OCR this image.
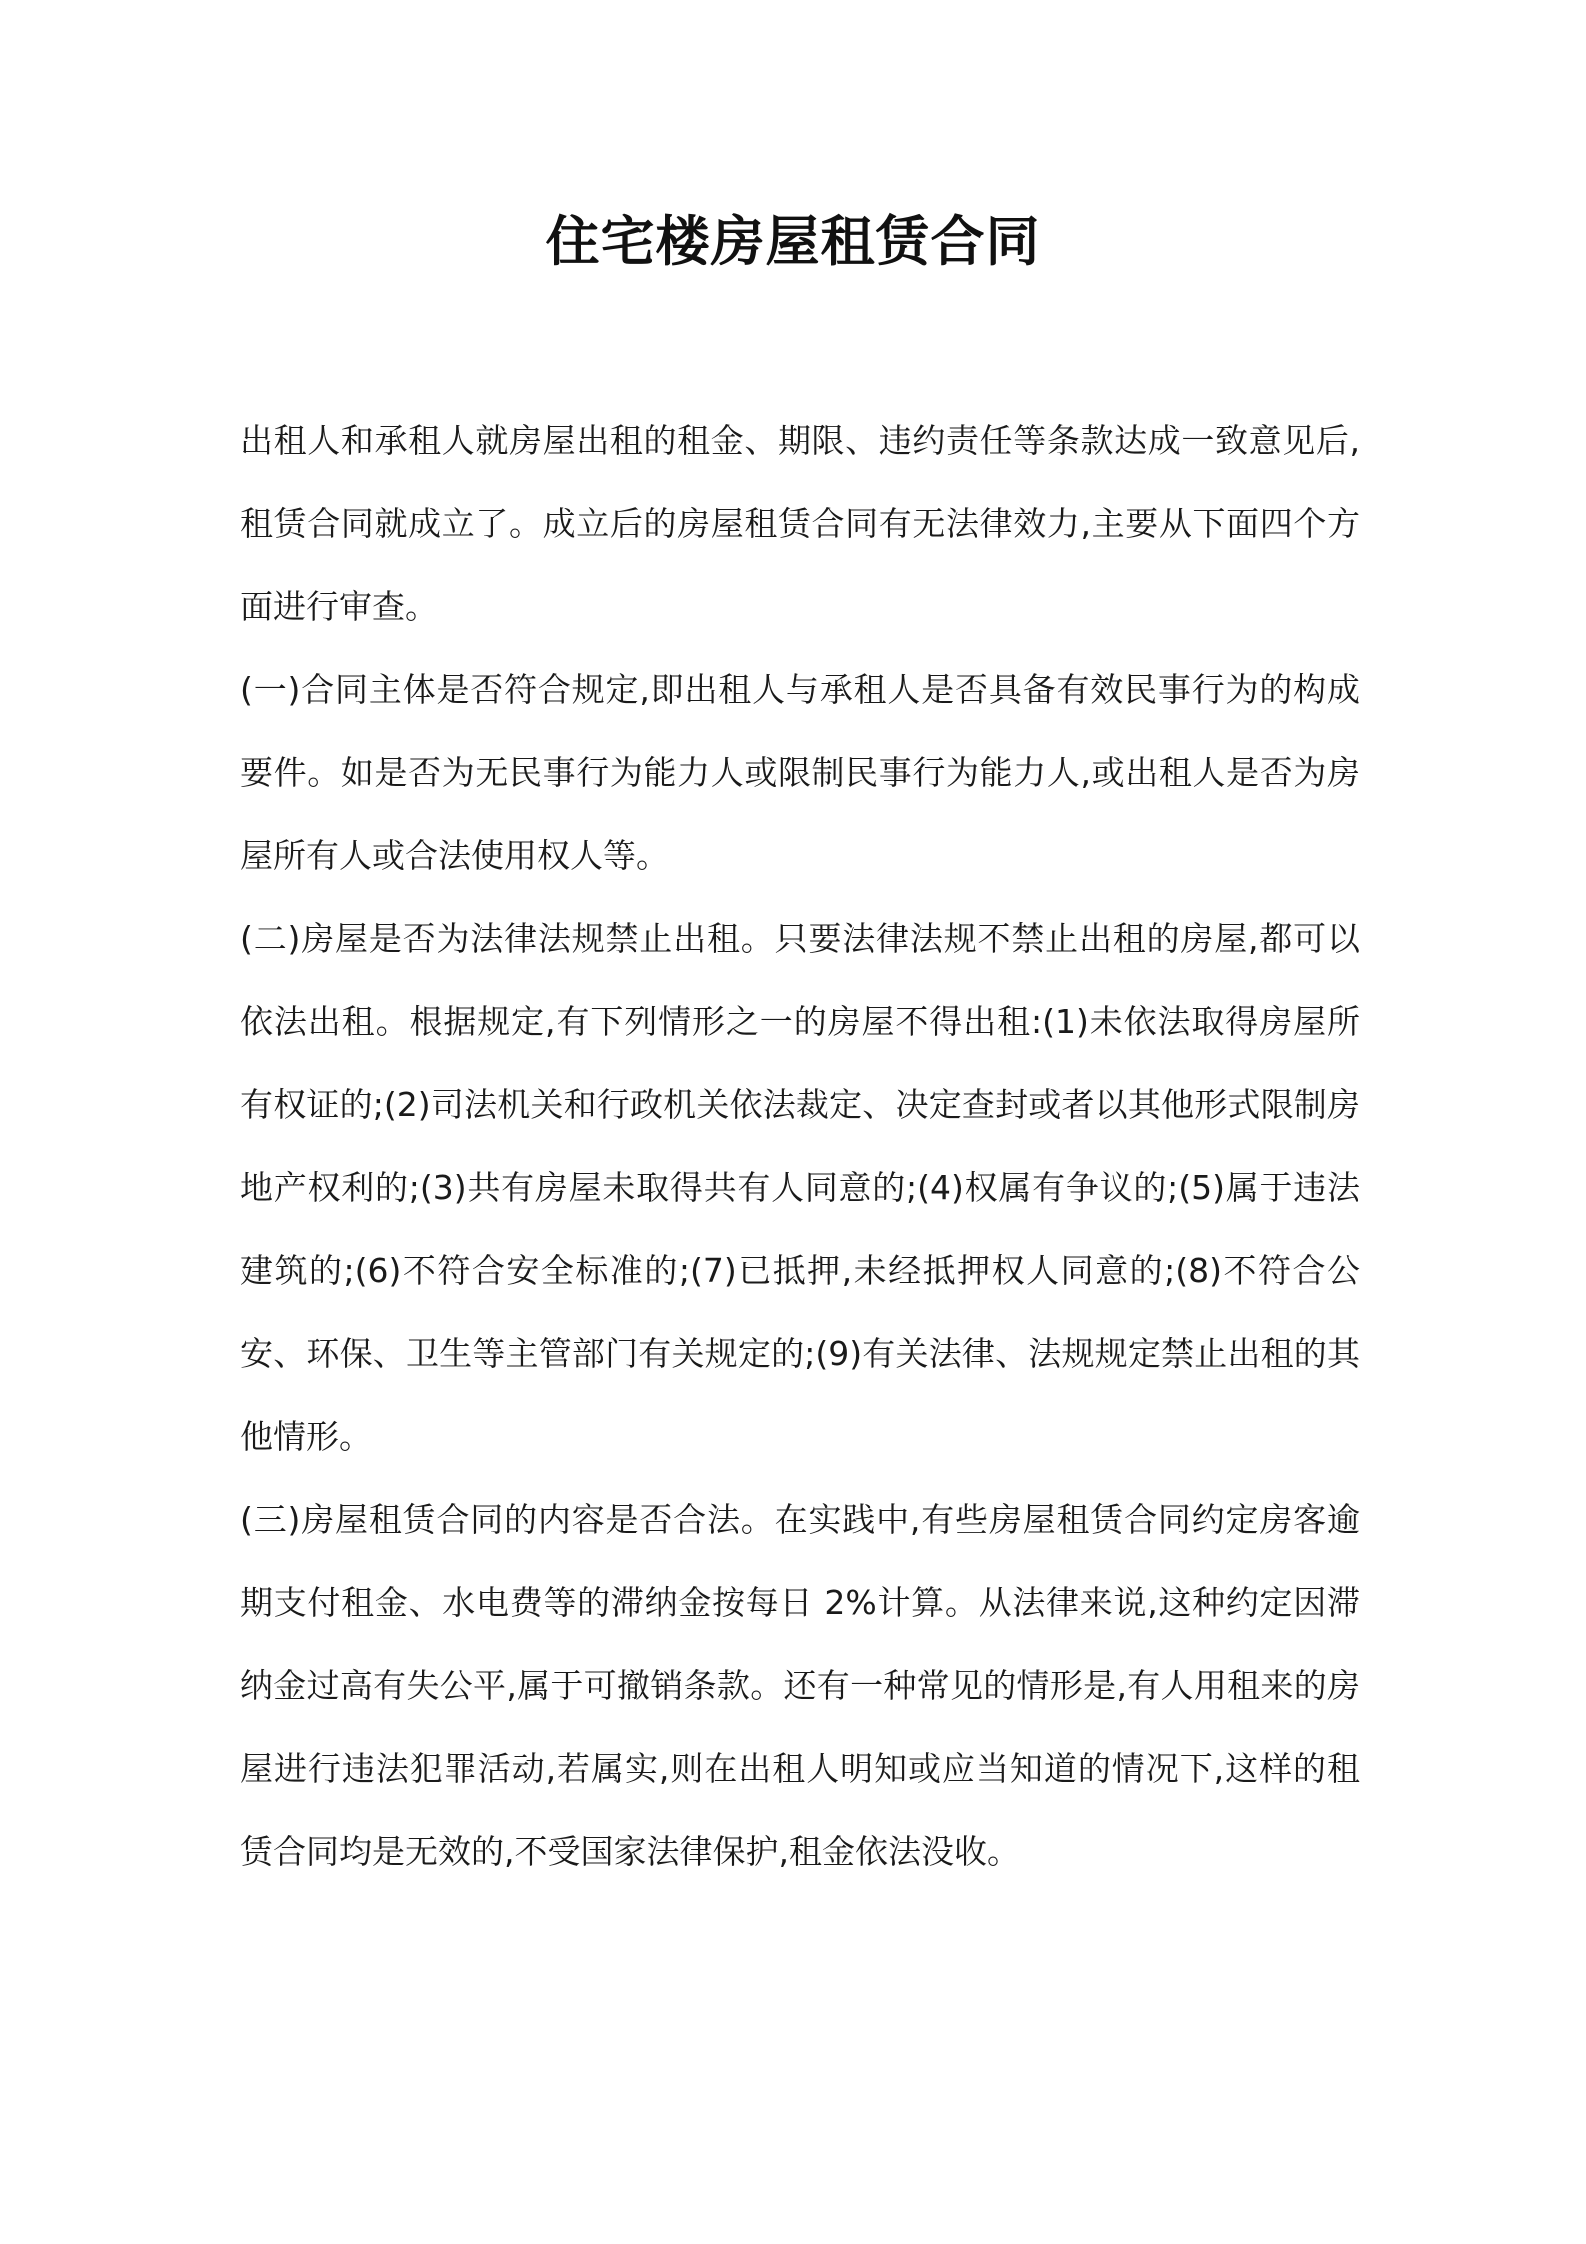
住宅楼房屋租赁合同

出租人和承租人就房屋出租的租金、期限、违约责任等条款达成一致意见后,租赁合同就成立了。成立后的房屋租赁合同有无法律效力,主要从下面四个方面进行审查。

(一)合同主体是否符合规定,即出租人与承租人是否具备有效民事行为的构成要件。如是否为无民事行为能力人或限制民事行为能力人,或出租人是否为房屋所有人或合法使用权人等。

(二)房屋是否为法律法规禁止出租。只要法律法规不禁止出租的房屋,都可以依法出租。根据规定,有下列情形之一的房屋不得出租:(1)未依法取得房屋所有权证的;(2)司法机关和行政机关依法裁定、决定查封或者以其他形式限制房地产权利的;(3)共有房屋未取得共有人同意的;(4)权属有争议的;(5)属于违法建筑的;(6)不符合安全标准的;(7)已抵押,未经抵押权人同意的;(8)不符合公安、环保、卫生等主管部门有关规定的;(9)有关法律、法规规定禁止出租的其他情形。

(三)房屋租赁合同的内容是否合法。在实践中,有些房屋租赁合同约定房客逾期支付租金、水电费等的滞纳金按每日 2%计算。从法律来说,这种约定因滞纳金过高有失公平,属于可撤销条款。还有一种常见的情形是,有人用租来的房屋进行违法犯罪活动,若属实,则在出租人明知或应当知道的情况下,这样的租赁合同均是无效的,不受国家法律保护,租金依法没收。
